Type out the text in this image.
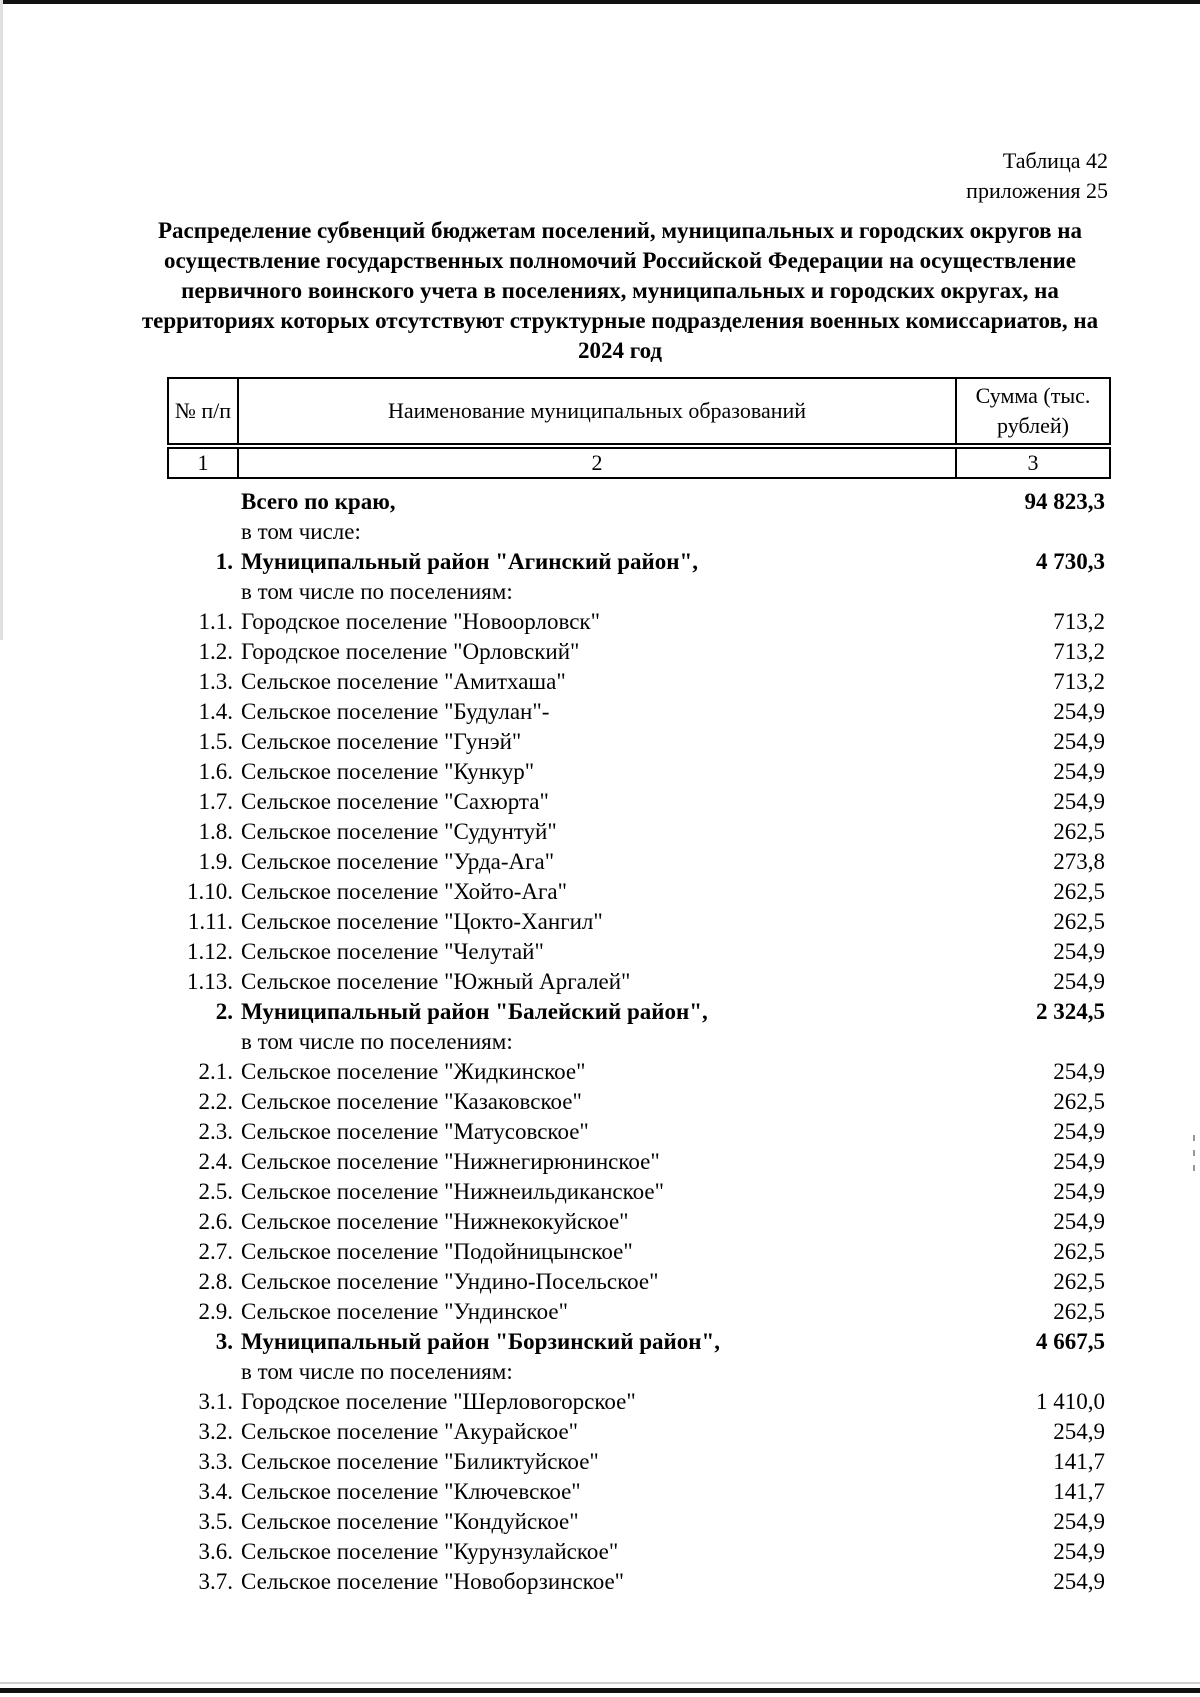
Таблица 42
приложения 25
Распределение субвенций бюджетам поселений, муниципальных и городских округов на осуществление государственных полномочий Российской Федерации на осуществление первичного воинского учета в поселениях, муниципальных и городских округах, на территориях которых отсутствуют структурные подразделения военных комиссариатов, на 2024 год
№ п/п	Наименование муниципальных образований	Сумма (тыс. рублей)

1	2	3
Всего по краю,	94 823,3
в том числе:
1. Муниципальный район "Агинский район",	4 730,3
в том числе по поселениям:
1.1. Городское поселение "Новоорловск"	713,2
1.2. Городское поселение "Орловский"	713,2
1.3. Сельское поселение "Амитхаша"	713,2
1.4. Сельское поселение "Будулан"-	254,9
1.5. Сельское поселение "Гунэй"	254,9
1.6. Сельское поселение "Кункур"	254,9
1.7. Сельское поселение "Сахюрта"	254,9
1.8. Сельское поселение "Судунтуй"	262,5
1.9. Сельское поселение "Урда-Ага"	273,8
1.10. Сельское поселение "Хойто-Ага"	262,5
1.11. Сельское поселение "Цокто-Хангил"	262,5
1.12. Сельское поселение "Челутай"	254,9
1.13. Сельское поселение "Южный Аргалей"	254,9
2. Муниципальный район "Балейский район",	2 324,5
в том числе по поселениям:
2.1. Сельское поселение "Жидкинское"	254,9
2.2. Сельское поселение "Казаковское"	262,5
2.3. Сельское поселение "Матусовское"	254,9
2.4. Сельское поселение "Нижнегирюнинское"	254,9
2.5. Сельское поселение "Нижнеильдиканское"	254,9
2.6. Сельское поселение "Нижнекокуйское"	254,9
2.7. Сельское поселение "Подойницынское"	262,5
2.8. Сельское поселение "Ундино-Посельское"	262,5
2.9. Сельское поселение "Ундинское"	262,5
3. Муниципальный район "Борзинский район",	4 667,5
в том числе по поселениям:
3.1. Городское поселение "Шерловогорское"	1 410,0
3.2. Сельское поселение "Акурайское"	254,9
3.3. Сельское поселение "Биликтуйское"	141,7
3.4. Сельское поселение "Ключевское"	141,7
3.5. Сельское поселение "Кондуйское"	254,9
3.6. Сельское поселение "Курунзулайское"	254,9
3.7. Сельское поселение "Новоборзинское"	254,9
